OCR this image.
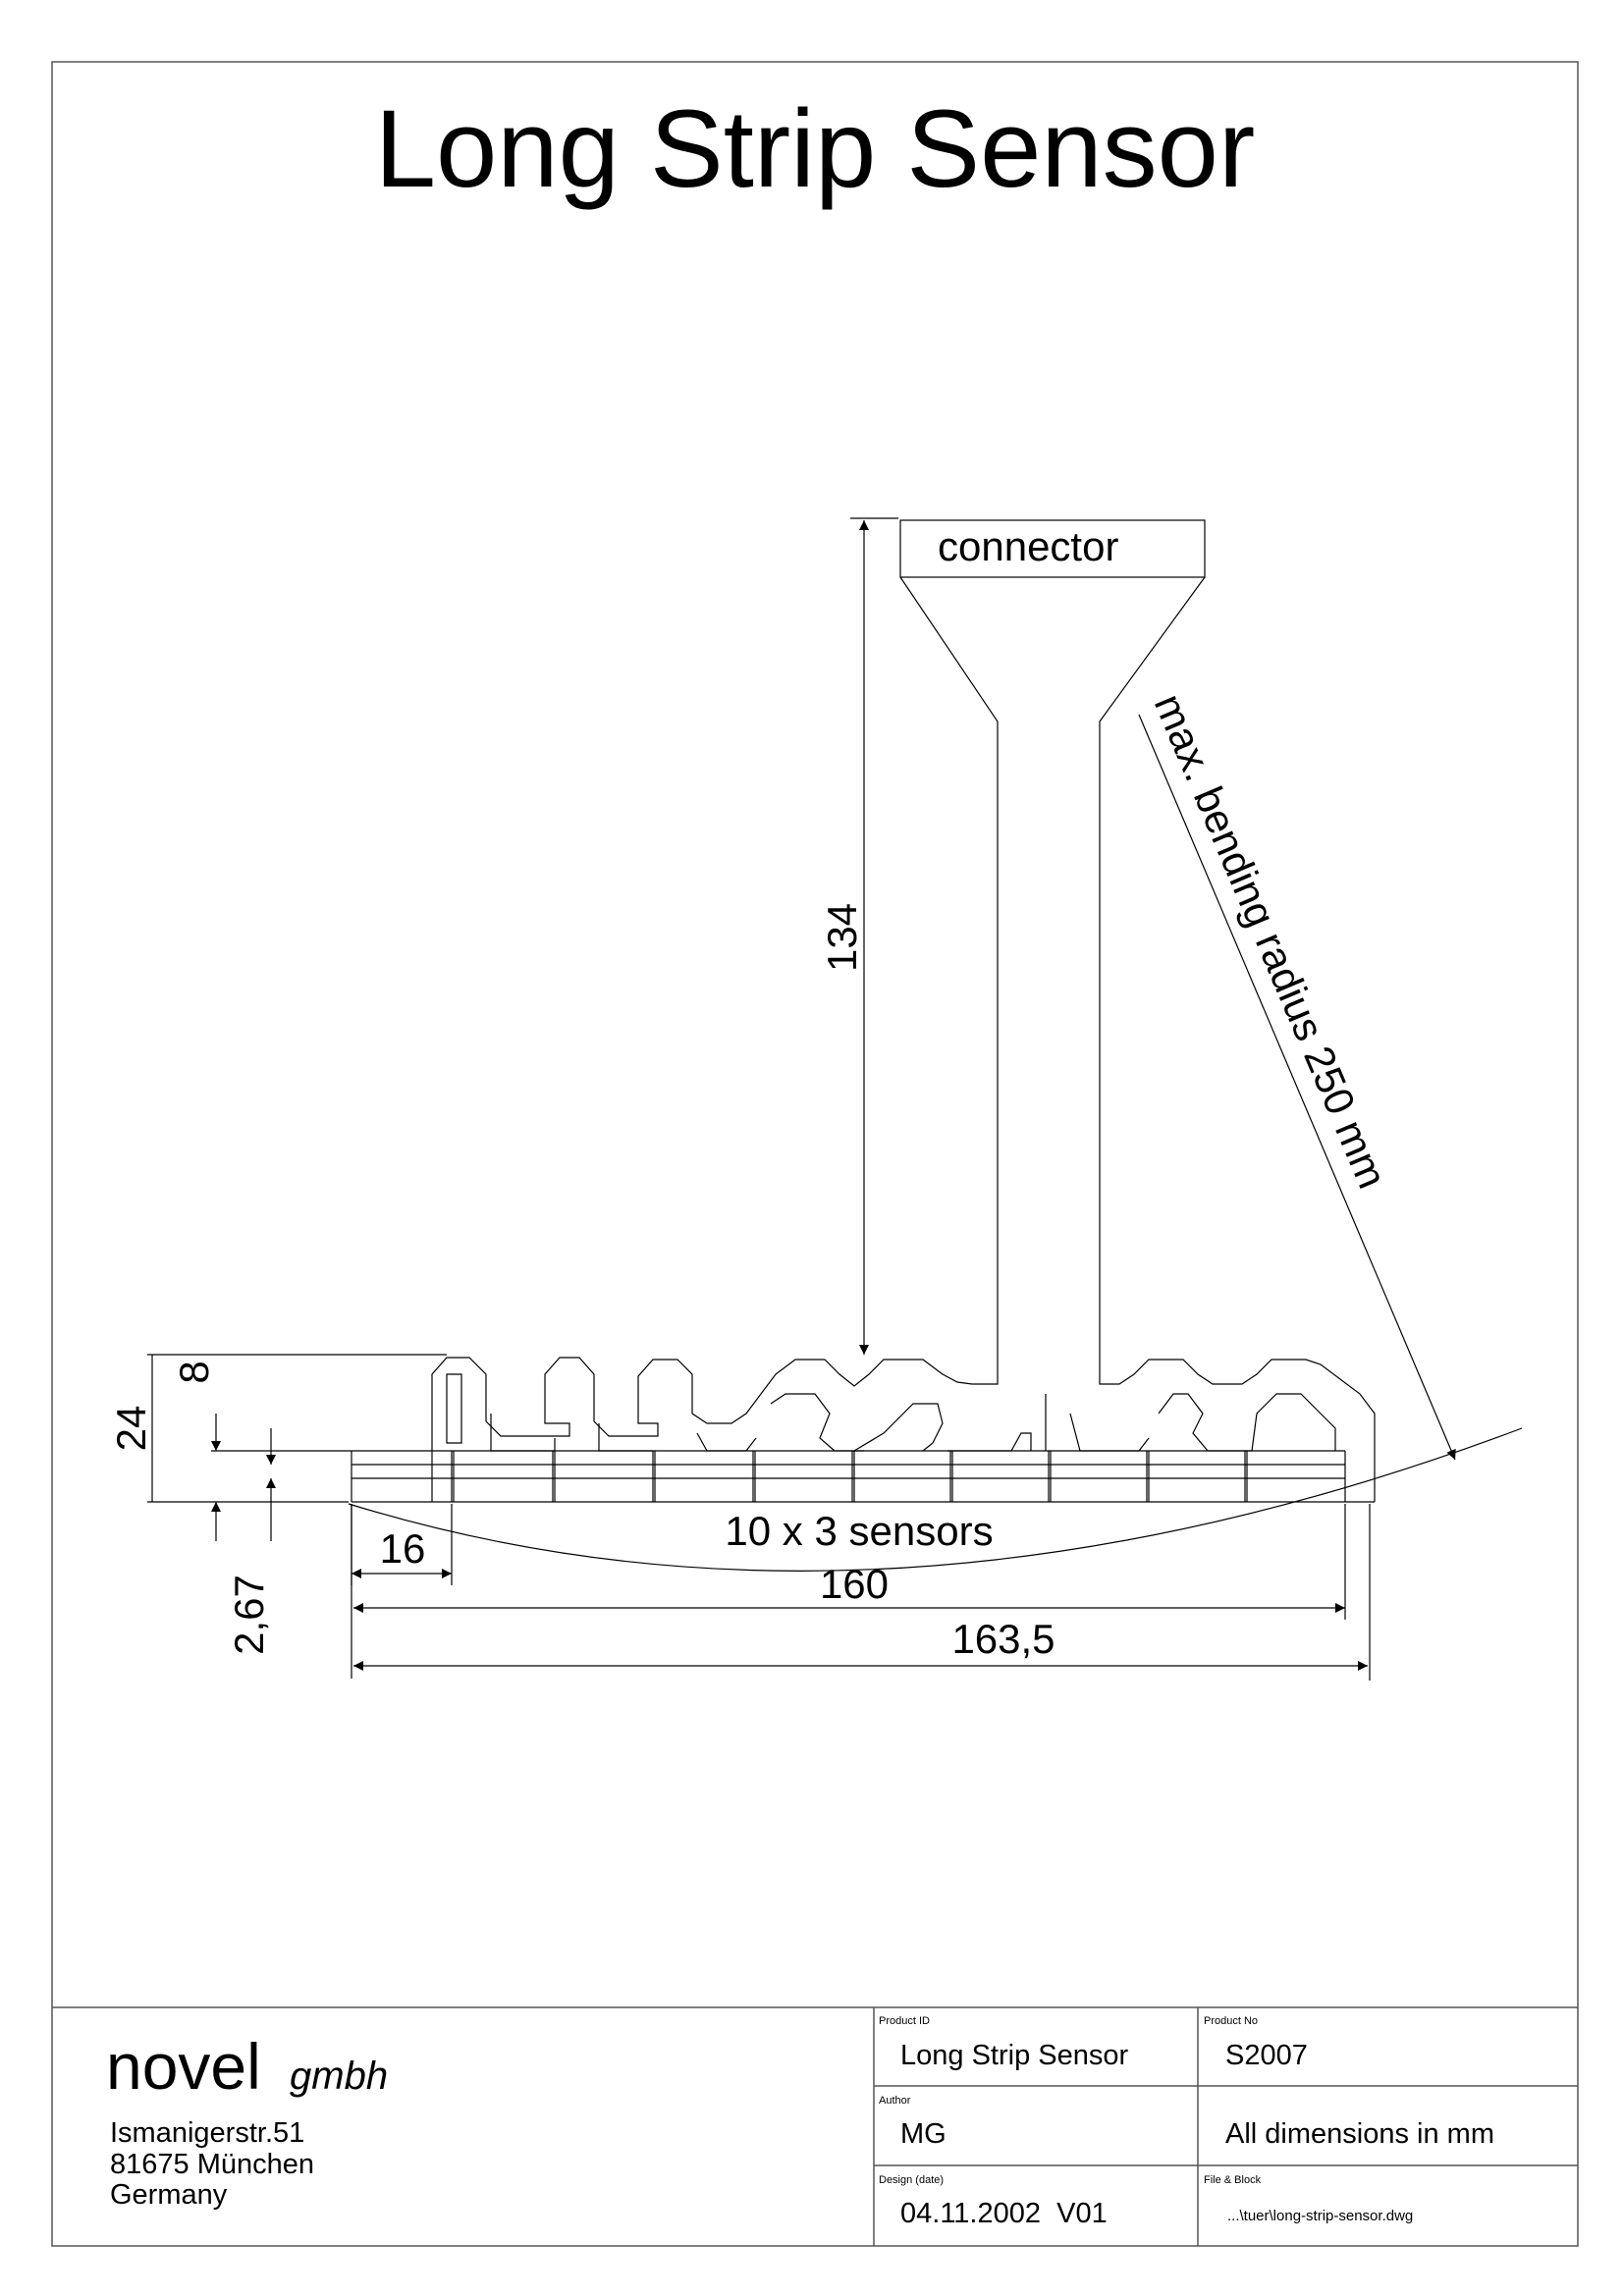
Long Strip Sensor
connector
max. bending radius 250 mm
134
24
8
2,67
16	10 x 3 sensors
160
163,5
novel gmbh
Ismanigerstr.51
81675 München
Germany
Product ID
Long Strip Sensor
Product No
S2007
Author
MG	All dimensions in mm
Design (date)
04.11.2002  V01
File & Block
...\tuer\long-strip-sensor.dwg
